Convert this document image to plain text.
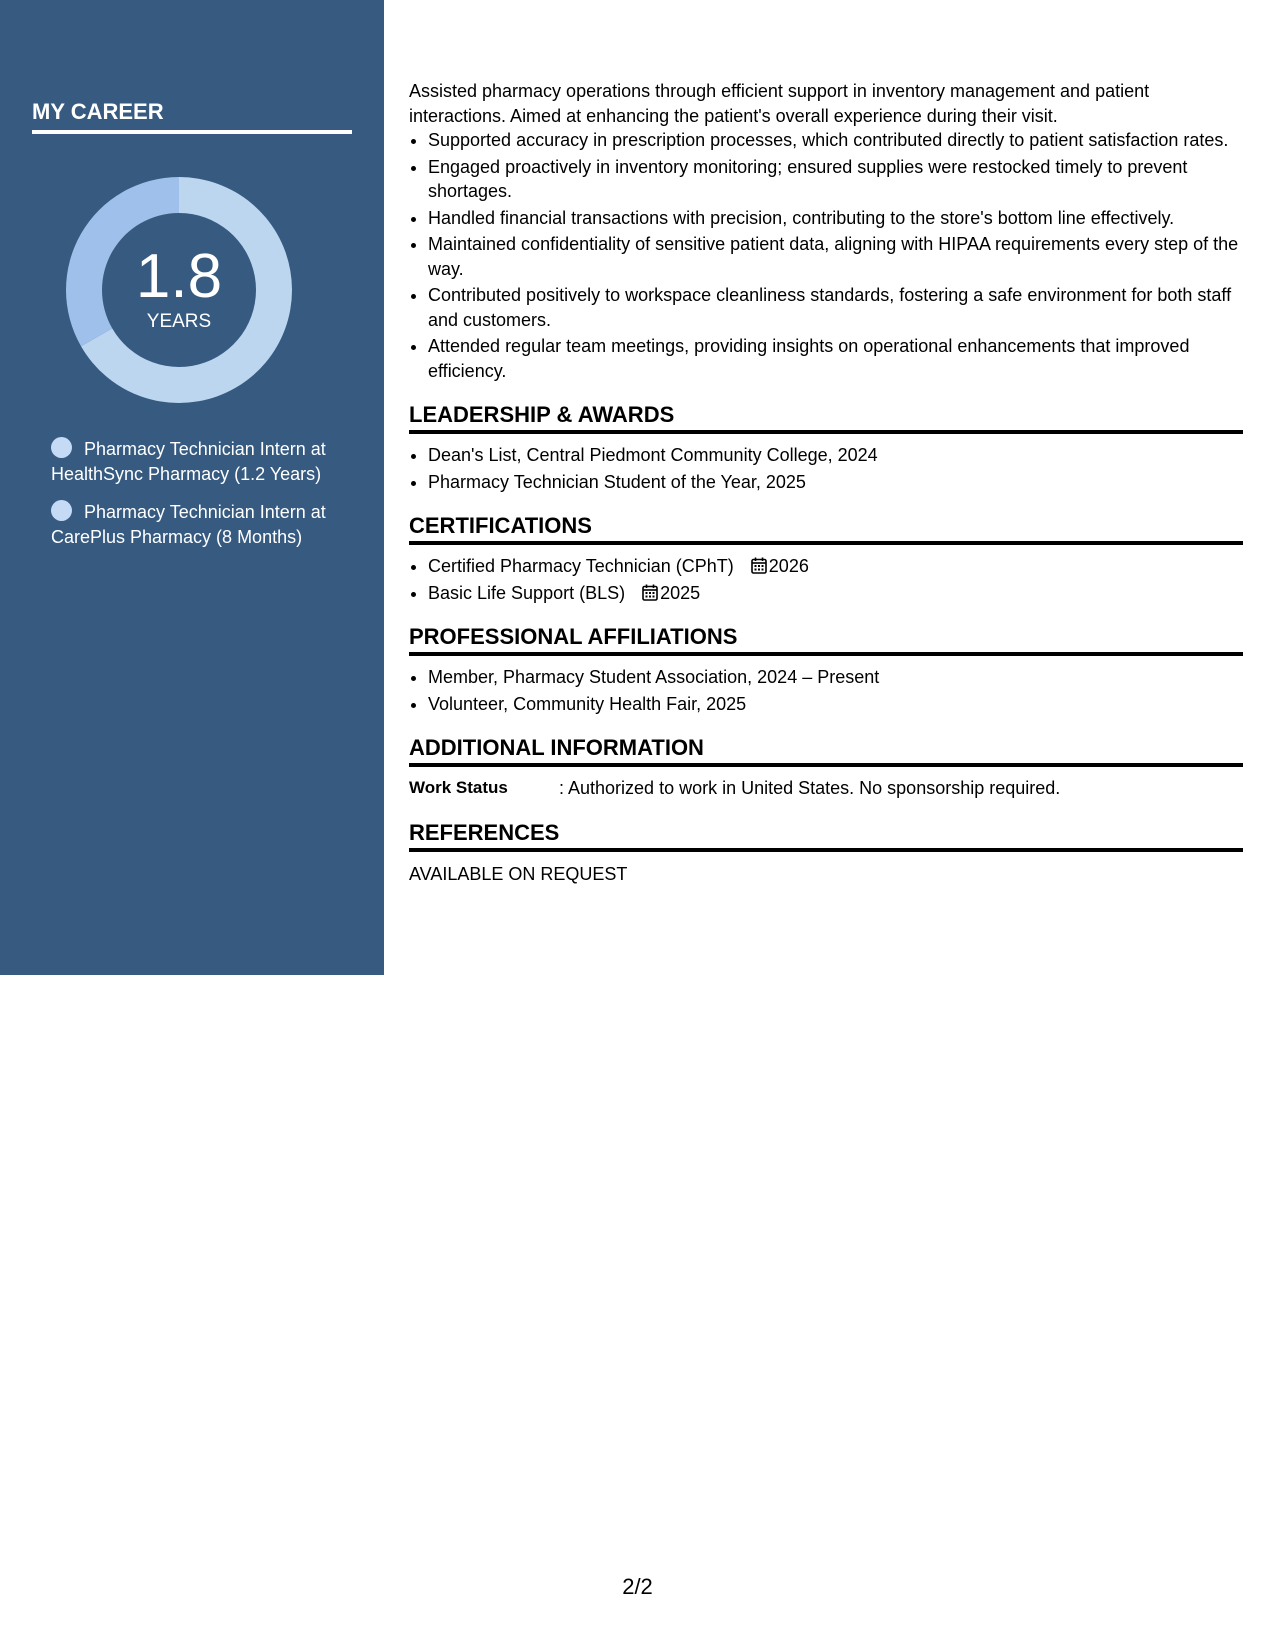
MY CAREER
1.8
YEARS
Pharmacy Technician Intern at HealthSync Pharmacy (1.2 Years)
Pharmacy Technician Intern at CarePlus Pharmacy (8 Months)

Assisted pharmacy operations through efficient support in inventory management and patient interactions. Aimed at enhancing the patient's overall experience during their visit.

• Supported accuracy in prescription processes, which contributed directly to patient satisfaction rates.
• Engaged proactively in inventory monitoring; ensured supplies were restocked timely to prevent shortages.
• Handled financial transactions with precision, contributing to the store's bottom line effectively.
• Maintained confidentiality of sensitive patient data, aligning with HIPAA requirements every step of the way.
• Contributed positively to workspace cleanliness standards, fostering a safe environment for both staff and customers.
• Attended regular team meetings, providing insights on operational enhancements that improved efficiency.
LEADERSHIP & AWARDS
• Dean's List, Central Piedmont Community College, 2024
• Pharmacy Technician Student of the Year, 2025
CERTIFICATIONS
• Certified Pharmacy Technician (CPhT) 2026
• Basic Life Support (BLS) 2025
PROFESSIONAL AFFILIATIONS
• Member, Pharmacy Student Association, 2024 – Present
• Volunteer, Community Health Fair, 2025
ADDITIONAL INFORMATION
Work Status	: Authorized to work in United States. No sponsorship required.
REFERENCES
AVAILABLE ON REQUEST
2/2
